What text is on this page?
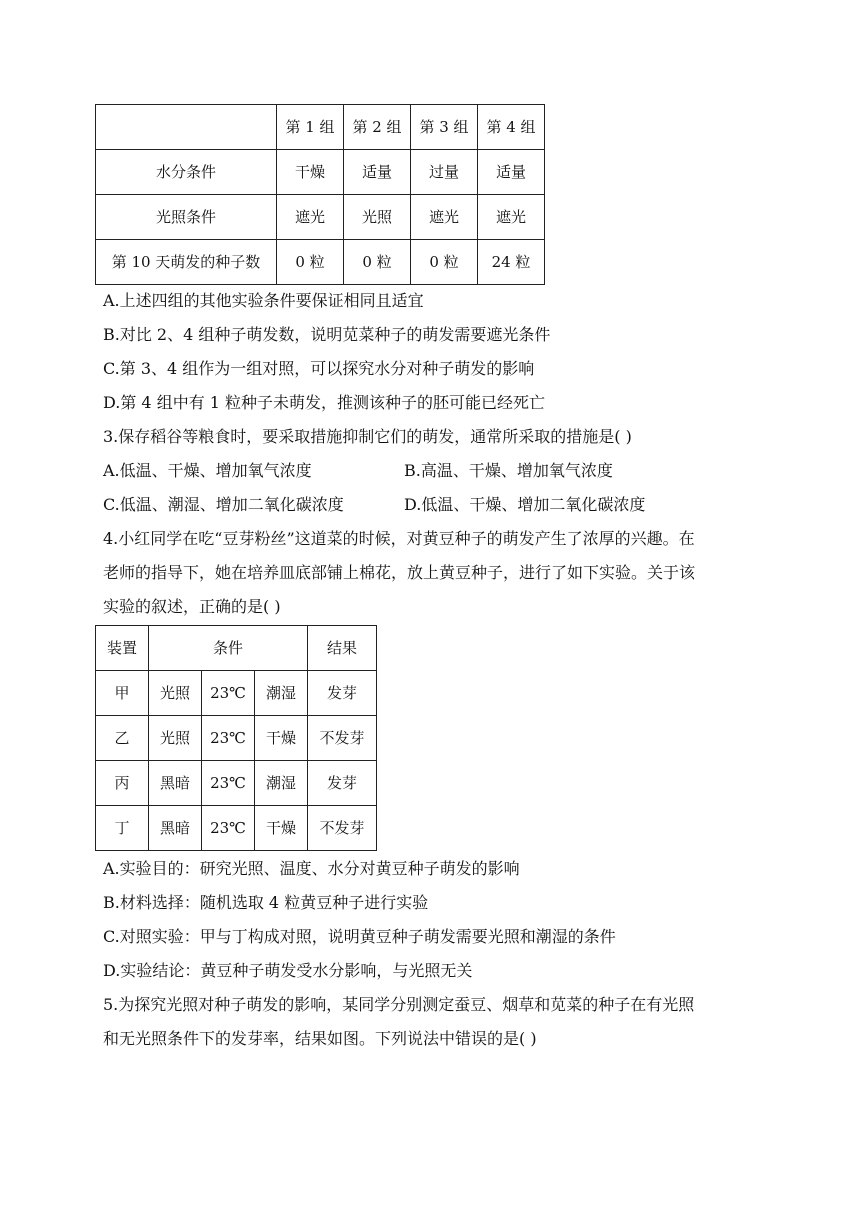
	第 1 组	第 2 组	第 3 组	第 4 组
水分条件	干燥	适量	过量	适量
光照条件	遮光	光照	遮光	遮光
第 10 天萌发的种子数	0 粒	0 粒	0 粒	24 粒
A.上述四组的其他实验条件要保证相同且适宜
B.对比 2、4 组种子萌发数，说明苋菜种子的萌发需要遮光条件
C.第 3、4 组作为一组对照，可以探究水分对种子萌发的影响
D.第 4 组中有 1 粒种子未萌发，推测该种子的胚可能已经死亡
3.保存稻谷等粮食时，要采取措施抑制它们的萌发，通常所采取的措施是( )
A.低温、干燥、增加氧气浓度	B.高温、干燥、增加氧气浓度
C.低温、潮湿、增加二氧化碳浓度	D.低温、干燥、增加二氧化碳浓度
4.小红同学在吃“豆芽粉丝”这道菜的时候，对黄豆种子的萌发产生了浓厚的兴趣。在
老师的指导下，她在培养皿底部铺上棉花，放上黄豆种子，进行了如下实验。关于该
实验的叙述，正确的是( )
装置	条件			结果
甲	光照	23℃	潮湿	发芽
乙	光照	23℃	干燥	不发芽
丙	黑暗	23℃	潮湿	发芽
丁	黑暗	23℃	干燥	不发芽
A.实验目的：研究光照、温度、水分对黄豆种子萌发的影响
B.材料选择：随机选取 4 粒黄豆种子进行实验
C.对照实验：甲与丁构成对照，说明黄豆种子萌发需要光照和潮湿的条件
D.实验结论：黄豆种子萌发受水分影响，与光照无关
5.为探究光照对种子萌发的影响，某同学分别测定蚕豆、烟草和苋菜的种子在有光照
和无光照条件下的发芽率，结果如图。下列说法中错误的是( )
